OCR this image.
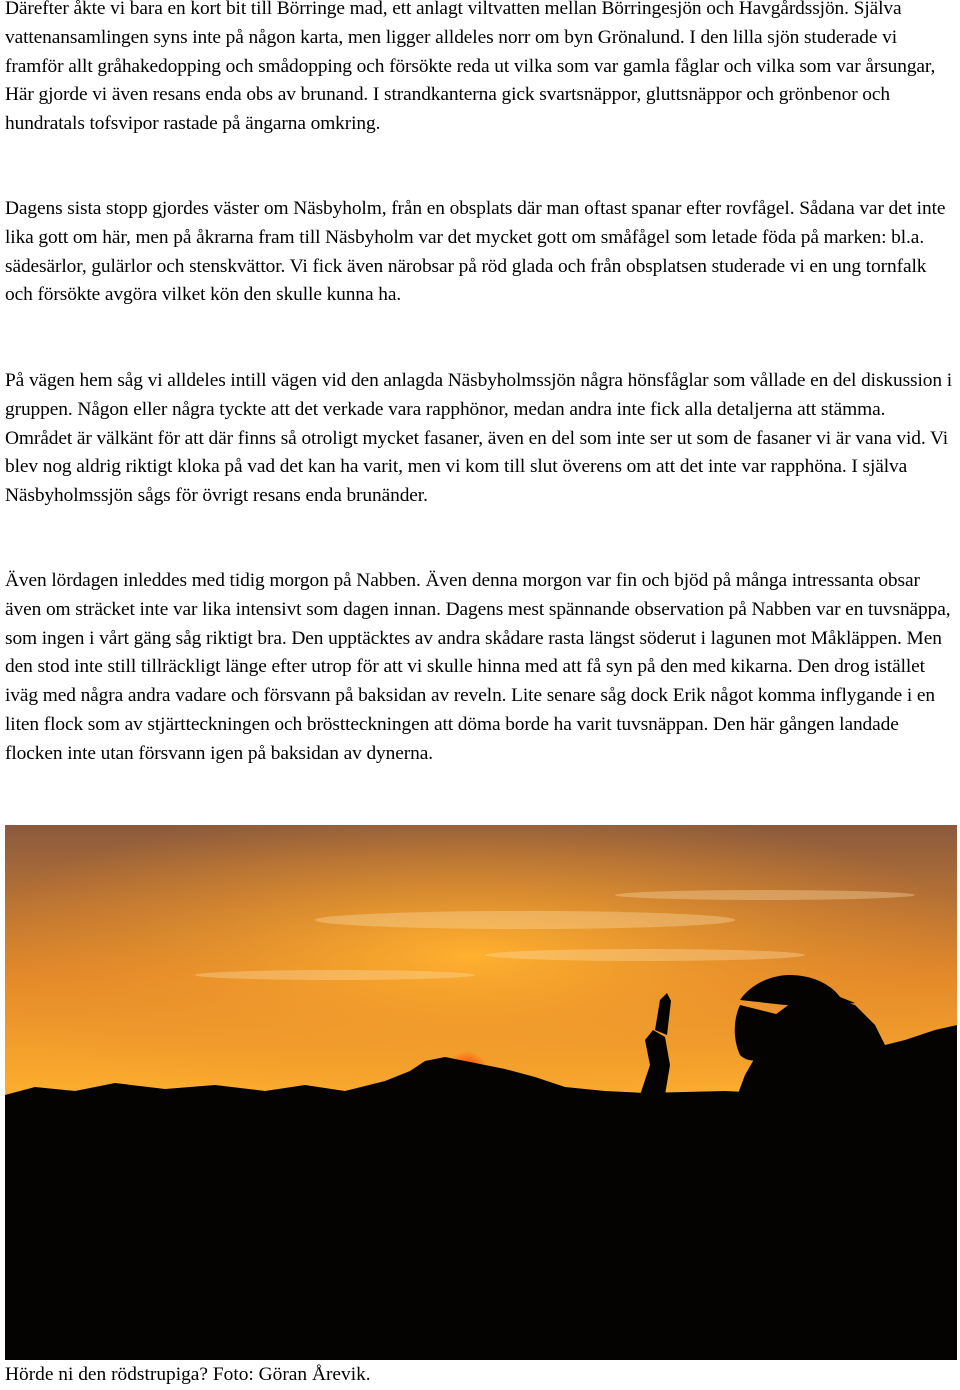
Därefter åkte vi bara en kort bit till Börringe mad, ett anlagt viltvatten mellan Börringesjön och Havgårdssjön. Själva vattenansamlingen syns inte på någon karta, men ligger alldeles norr om byn Grönalund. I den lilla sjön studerade vi framför allt gråhakedopping och smådopping och försökte reda ut vilka som var gamla fåglar och vilka som var årsungar, Här gjorde vi även resans enda obs av brunand. I strandkanterna gick svartsnäppor, gluttsnäppor och grönbenor och hundratals tofsvipor rastade på ängarna omkring.

Dagens sista stopp gjordes väster om Näsbyholm, från en obsplats där man oftast spanar efter rovfågel. Sådana var det inte lika gott om här, men på åkrarna fram till Näsbyholm var det mycket gott om småfågel som letade föda på marken: bl.a. sädesärlor, gulärlor och stenskvättor. Vi fick även närobsar på röd glada och från obsplatsen studerade vi en ung tornfalk och försökte avgöra vilket kön den skulle kunna ha.

På vägen hem såg vi alldeles intill vägen vid den anlagda Näsbyholmssjön några hönsfåglar som vållade en del diskussion i gruppen. Någon eller några tyckte att det verkade vara rapphönor, medan andra inte fick alla detaljerna att stämma. Området är välkänt för att där finns så otroligt mycket fasaner, även en del som inte ser ut som de fasaner vi är vana vid. Vi blev nog aldrig riktigt kloka på vad det kan ha varit, men vi kom till slut överens om att det inte var rapphöna. I själva Näsbyholmssjön sågs för övrigt resans enda brunänder.

Även lördagen inleddes med tidig morgon på Nabben. Även denna morgon var fin och bjöd på många intressanta obsar även om sträcket inte var lika intensivt som dagen innan. Dagens mest spännande observation på Nabben var en tuvsnäppa, som ingen i vårt gäng såg riktigt bra. Den upptäcktes av andra skådare rasta längst söderut i lagunen mot Måkläppen. Men den stod inte still tillräckligt länge efter utrop för att vi skulle hinna med att få syn på den med kikarna. Den drog istället iväg med några andra vadare och försvann på baksidan av reveln. Lite senare såg dock Erik något komma inflygande i en liten flock som av stjärtteckningen och bröstteckningen att döma borde ha varit tuvsnäppan. Den här gången landade flocken inte utan försvann igen på baksidan av dynerna.

Hörde ni den rödstrupiga? Foto: Göran Årevik.
